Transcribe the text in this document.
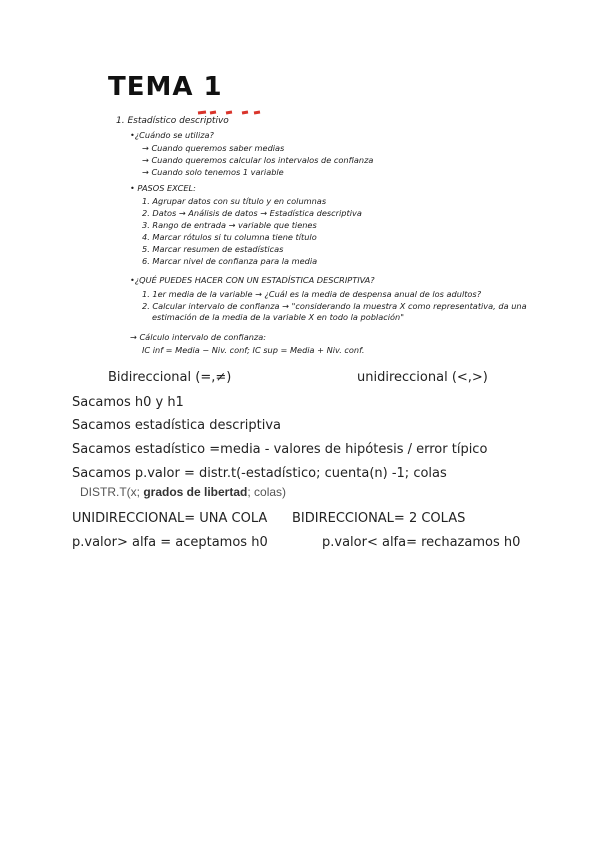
TEMA 1
1. Estadístico descriptivo
•¿Cuándo se utiliza?
→ Cuando queremos saber medias
→ Cuando queremos calcular los intervalos de confianza
→ Cuando solo tenemos 1 variable
• PASOS EXCEL:
1. Agrupar datos con su título y en columnas
2. Datos → Análisis de datos → Estadística descriptiva
3. Rango de entrada → variable que tienes
4. Marcar rótulos si tu columna tiene título
5. Marcar resumen de estadísticas
6. Marcar nivel de confianza para la media
•¿QUÉ PUEDES HACER CON UN ESTADÍSTICA DESCRIPTIVA?
1. 1er media de la variable → ¿Cuál es la media de despensa anual de los adultos?
2. Calcular intervalo de confianza → "considerando la muestra X como representativa, da una
estimación de la media de la variable X en todo la población"
→ Cálculo intervalo de confianza:
IC inf = Media − Niv. conf; IC sup = Media + Niv. conf.
Bidireccional (=,≠)	unidireccional (<,>)
Sacamos h0 y h1
Sacamos estadística descriptiva
Sacamos estadístico =media - valores de hipótesis / error típico
Sacamos p.valor = distr.t(-estadístico; cuenta(n) -1; colas
DISTR.T(x; grados de libertad; colas)
UNIDIRECCIONAL= UNA COLA BIDIRECCIONAL= 2 COLAS
p.valor> alfa = aceptamos h0	p.valor< alfa= rechazamos h0
